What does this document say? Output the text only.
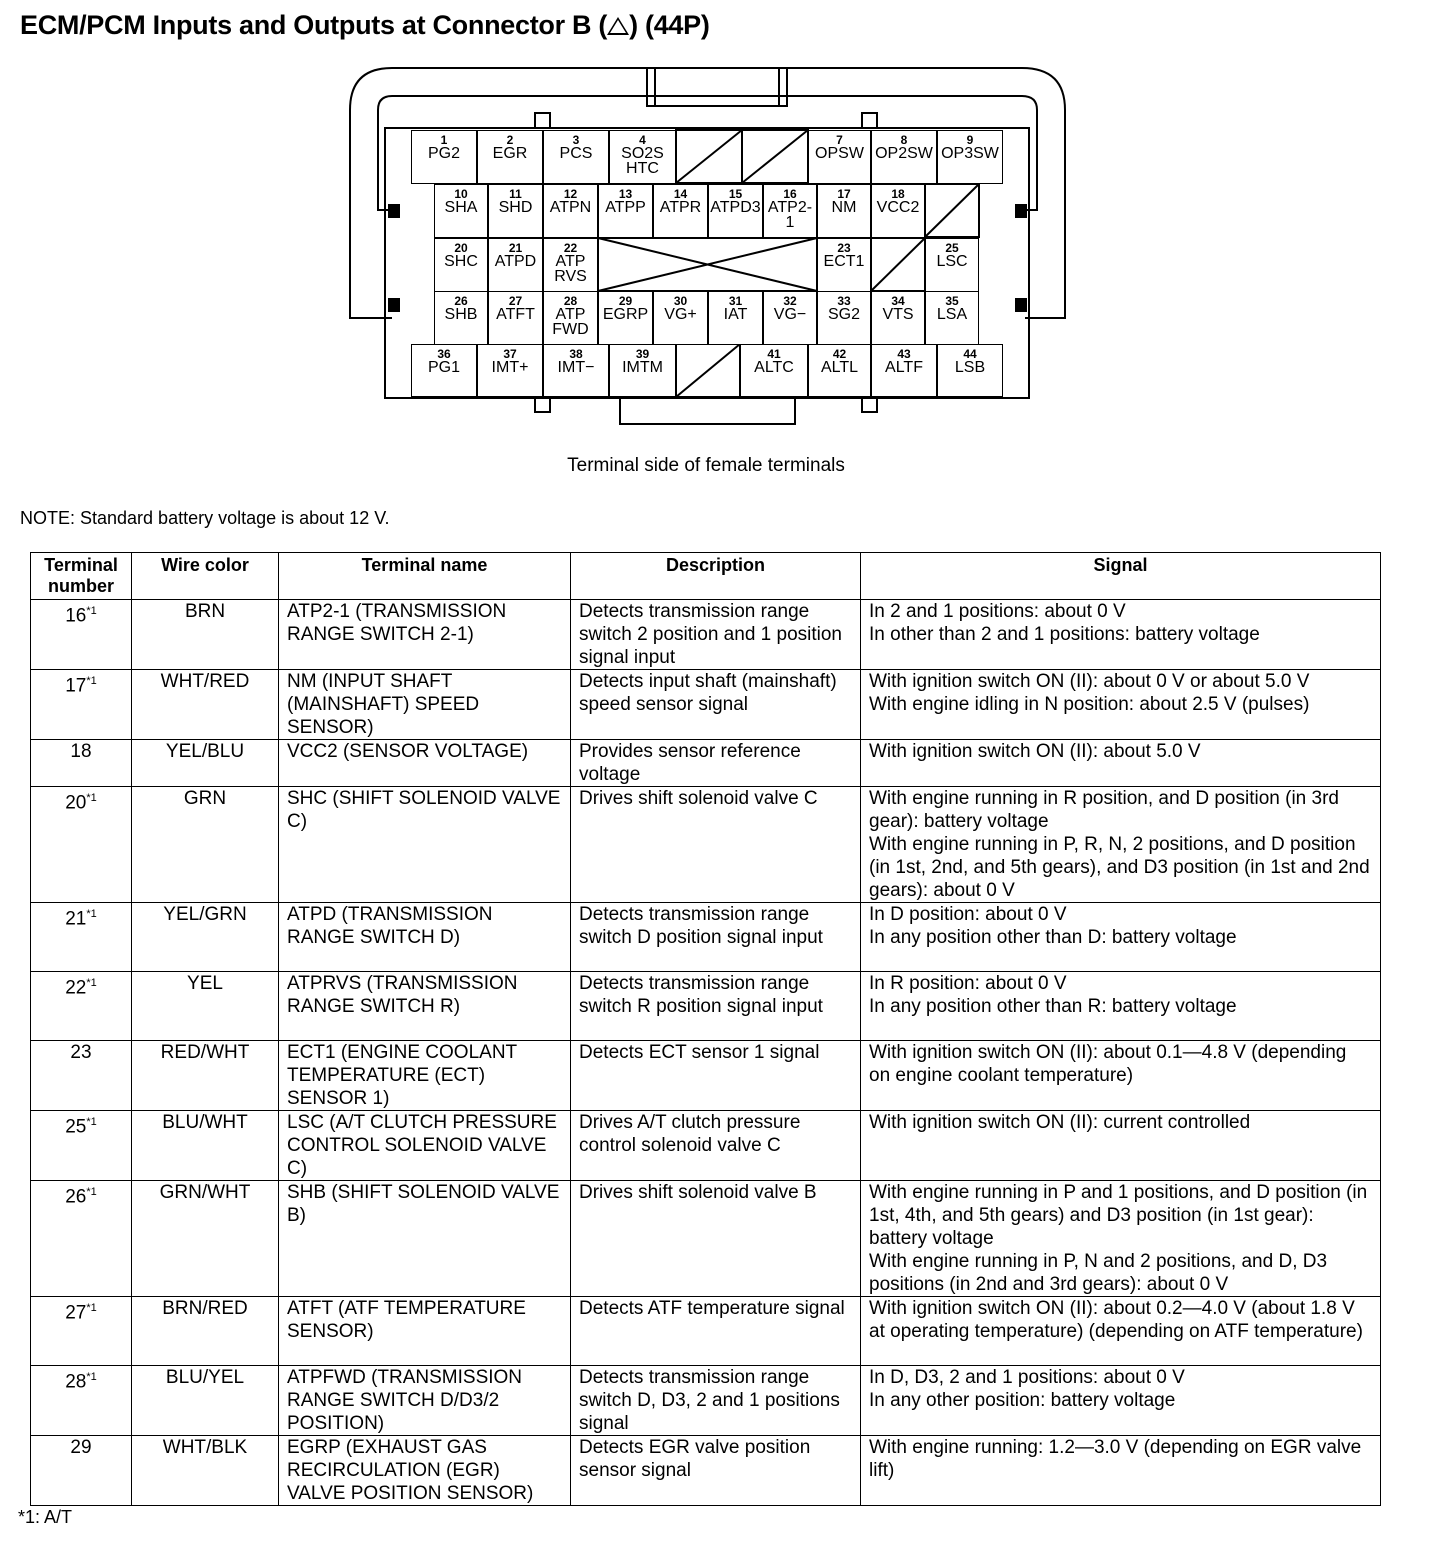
ECM/PCM Inputs and Outputs at Connector B ( ) (44P)
1
PG2
2
EGR
3
PCS
4
SO2S HTC
7
OPSW
8
OP2SW
9
OP3SW
10
SHA
11
SHD
12
ATPN
13
ATPP
14
ATPR
15
ATPD3
16
ATP2-1
17
NM
18
VCC2
20
SHC
21
ATPD
22
ATP RVS
23
ECT1
25
LSC
26
SHB
27
ATFT
28
ATP FWD
29
EGRP
30
VG+
31
IAT
32
VG−
33
SG2
34
VTS
35
LSA
36
PG1
37
IMT+
38
IMT−
39
IMTM
41
ALTC
42
ALTL
43
ALTF
44
LSB
Terminal side of female terminals
NOTE: Standard battery voltage is about 12 V.
Terminal number	Wire color	Terminal name	Description	Signal
16$^{*1}$	BRN	ATP2-1 (TRANSMISSION RANGE SWITCH 2-1)	Detects transmission range switch 2 position and 1 position signal input	In 2 and 1 positions: about 0 V
In other than 2 and 1 positions: battery voltage

17$^{*1}$	WHT/RED	NM (INPUT SHAFT (MAINSHAFT) SPEED SENSOR)	Detects input shaft (mainshaft) speed sensor signal	With ignition switch ON (II): about 0 V or about 5.0 V
With engine idling in N position: about 2.5 V (pulses)

18	YEL/BLU	VCC2 (SENSOR VOLTAGE)	Provides sensor reference voltage	With ignition switch ON (II): about 5.0 V

20$^{*1}$	GRN	SHC (SHIFT SOLENOID VALVE C)	Drives shift solenoid valve C	With engine running in R position, and D position (in 3rd gear): battery voltage
With engine running in P, R, N, 2 positions, and D position (in 1st, 2nd, and 5th gears), and D3 position (in 1st and 2nd gears): about 0 V

21$^{*1}$	YEL/GRN	ATPD (TRANSMISSION RANGE SWITCH D)	Detects transmission range switch D position signal input	In D position: about 0 V
In any position other than D: battery voltage

22$^{*1}$	YEL	ATPRVS (TRANSMISSION RANGE SWITCH R)	Detects transmission range switch R position signal input	In R position: about 0 V
In any position other than R: battery voltage

23	RED/WHT	ECT1 (ENGINE COOLANT TEMPERATURE (ECT) SENSOR 1)	Detects ECT sensor 1 signal	With ignition switch ON (II): about 0.1—4.8 V (depending on engine coolant temperature)

25$^{*1}$	BLU/WHT	LSC (A/T CLUTCH PRESSURE CONTROL SOLENOID VALVE C)	Drives A/T clutch pressure control solenoid valve C	With ignition switch ON (II): current controlled

26$^{*1}$	GRN/WHT	SHB (SHIFT SOLENOID VALVE B)	Drives shift solenoid valve B	With engine running in P and 1 positions, and D position (in 1st, 4th, and 5th gears) and D3 position (in 1st gear): battery voltage
With engine running in P, N and 2 positions, and D, D3 positions (in 2nd and 3rd gears): about 0 V

27$^{*1}$	BRN/RED	ATFT (ATF TEMPERATURE SENSOR)	Detects ATF temperature signal	With ignition switch ON (II): about 0.2—4.0 V (about 1.8 V at operating temperature) (depending on ATF temperature)

28$^{*1}$	BLU/YEL	ATPFWD (TRANSMISSION RANGE SWITCH D/D3/2 POSITION)	Detects transmission range switch D, D3, 2 and 1 positions signal	In D, D3, 2 and 1 positions: about 0 V
In any other position: battery voltage

29	WHT/BLK	EGRP (EXHAUST GAS RECIRCULATION (EGR) VALVE POSITION SENSOR)	Detects EGR valve position sensor signal	With engine running: 1.2—3.0 V (depending on EGR valve lift)
*1: A/T
